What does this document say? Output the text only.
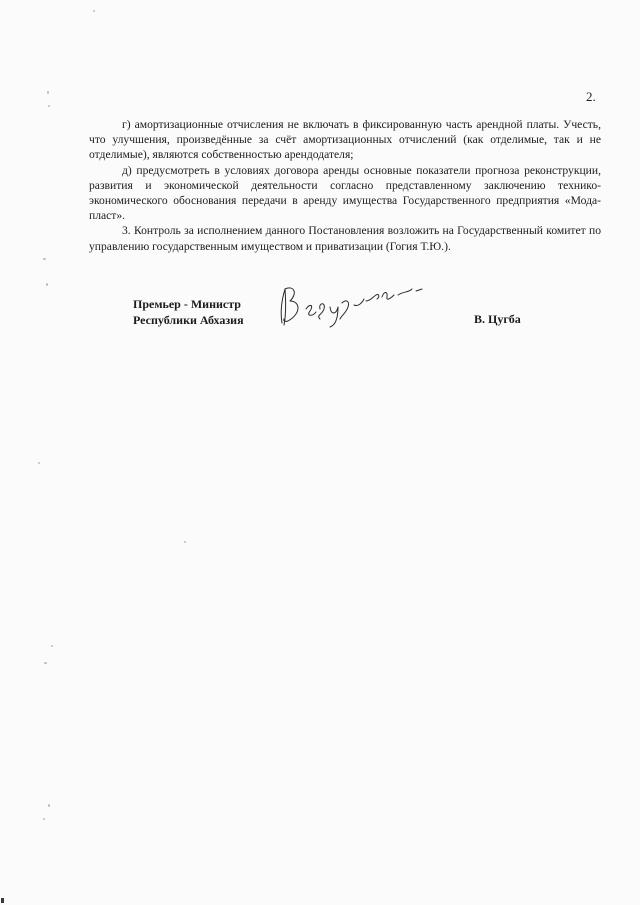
2.

г) амортизационные отчисления не включать в фиксированную часть арендной платы. Учесть, что улучшения, произведённые за счёт амортизационных отчислений (как отделимые, так и не отделимые), являются собственностью арендодателя;

д) предусмотреть в условиях договора аренды основные показатели прогноза реконструкции, развития и экономической деятельности согласно представленному заключению технико-экономического обоснования передачи в аренду имущества Государственного предприятия «Мода-пласт».

3. Контроль за исполнением данного Постановления возложить на Государственный комитет по управлению государственным имуществом и приватизации (Гогия Т.Ю.).

Премьер - Министр
Республики Абхазия	В. Цугба
